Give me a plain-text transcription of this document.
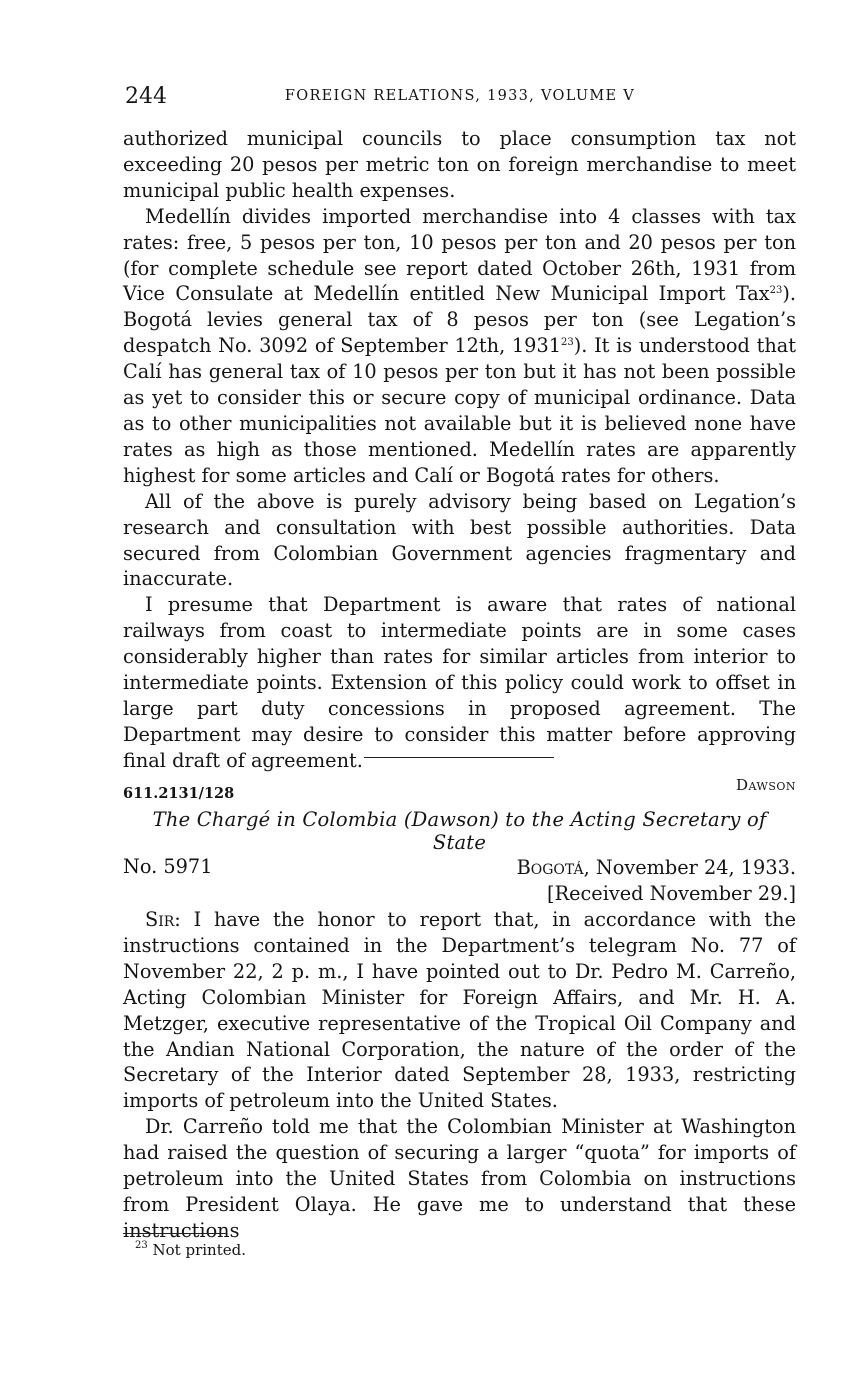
244	FOREIGN RELATIONS, 1933, VOLUME V

authorized municipal councils to place consumption tax not exceeding 20 pesos per metric ton on foreign merchandise to meet municipal public health expenses.

Medellín divides imported merchandise into 4 classes with tax rates: free, 5 pesos per ton, 10 pesos per ton and 20 pesos per ton (for complete schedule see report dated October 26th, 1931 from Vice Consulate at Medellín entitled New Municipal Import Tax$^{23}$). Bogotá levies general tax of 8 pesos per ton (see Legation’s despatch No. 3092 of September 12th, 1931$^{23}$). It is understood that Calí has general tax of 10 pesos per ton but it has not been possible as yet to consider this or secure copy of municipal ordinance. Data as to other municipalities not available but it is believed none have rates as high as those mentioned. Medellín rates are apparently highest for some articles and Calí or Bogotá rates for others.

All of the above is purely advisory being based on Legation’s research and consultation with best possible authorities. Data secured from Colombian Government agencies fragmentary and inaccurate.

I presume that Department is aware that rates of national railways from coast to intermediate points are in some cases considerably higher than rates for similar articles from interior to intermediate points. Extension of this policy could work to offset in large part duty concessions in proposed agreement. The Department may desire to consider this matter before approving final draft of agreement.

Dawson
611.2131/128
The Chargé in Colombia (Dawson) to the Acting Secretary of State
No. 5971	Bogotá, November 24, 1933.
[Received November 29.]

Sir: I have the honor to report that, in accordance with the instructions contained in the Department’s telegram No. 77 of November 22, 2 p. m., I have pointed out to Dr. Pedro M. Carreño, Acting Colombian Minister for Foreign Affairs, and Mr. H. A. Metzger, executive representative of the Tropical Oil Company and the Andian National Corporation, the nature of the order of the Secretary of the Interior dated September 28, 1933, restricting imports of petroleum into the United States.

Dr. Carreño told me that the Colombian Minister at Washington had raised the question of securing a larger “quota” for imports of petroleum into the United States from Colombia on instructions from President Olaya. He gave me to understand that these instructions

$^{23}$ Not printed.
